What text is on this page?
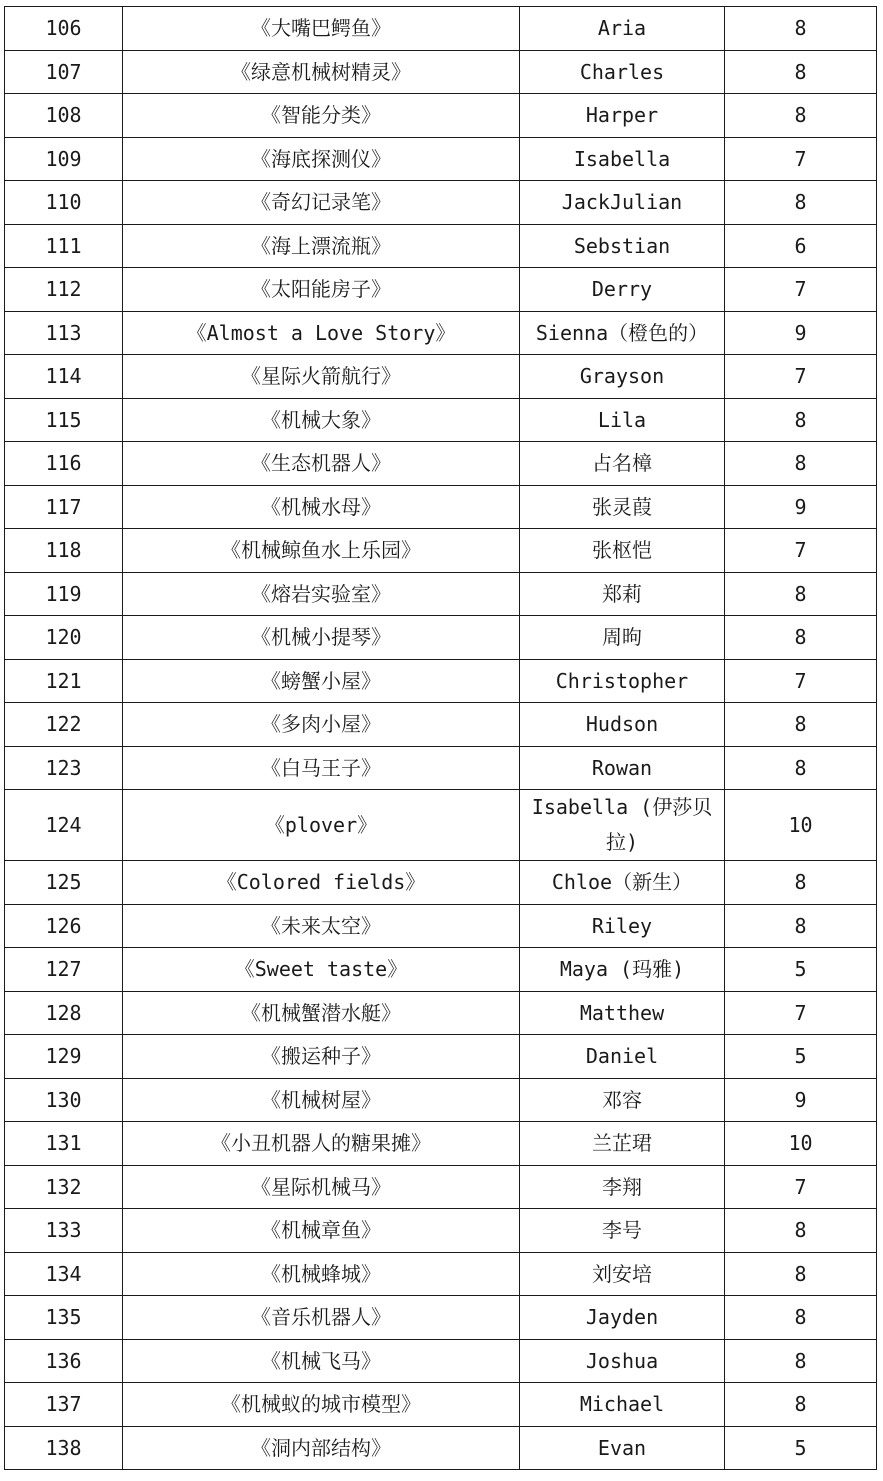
106	《大嘴巴鳄鱼》	Aria	8
107	《绿意机械树精灵》	Charles	8
108	《智能分类》	Harper	8
109	《海底探测仪》	Isabella	7
110	《奇幻记录笔》	JackJulian	8
111	《海上漂流瓶》	Sebstian	6
112	《太阳能房子》	Derry	7
113	《Almost a Love Story》	Sienna（橙色的）	9
114	《星际火箭航行》	Grayson	7
115	《机械大象》	Lila	8
116	《生态机器人》	占名樟	8
117	《机械水母》	张灵葭	9
118	《机械鲸鱼水上乐园》	张枢恺	7
119	《熔岩实验室》	郑莉	8
120	《机械小提琴》	周昫	8
121	《螃蟹小屋》	Christopher	7
122	《多肉小屋》	Hudson	8
123	《白马王子》	Rowan	8
124	《plover》	Isabella (伊莎贝拉)	10
125	《Colored fields》	Chloe（新生）	8
126	《未来太空》	Riley	8
127	《Sweet taste》	Maya (玛雅)	5
128	《机械蟹潜水艇》	Matthew	7
129	《搬运种子》	Daniel	5
130	《机械树屋》	邓容	9
131	《小丑机器人的糖果摊》	兰芷珺	10
132	《星际机械马》	李翔	7
133	《机械章鱼》	李号	8
134	《机械蜂城》	刘安培	8
135	《音乐机器人》	Jayden	8
136	《机械飞马》	Joshua	8
137	《机械蚁的城市模型》	Michael	8
138	《洞内部结构》	Evan	5
